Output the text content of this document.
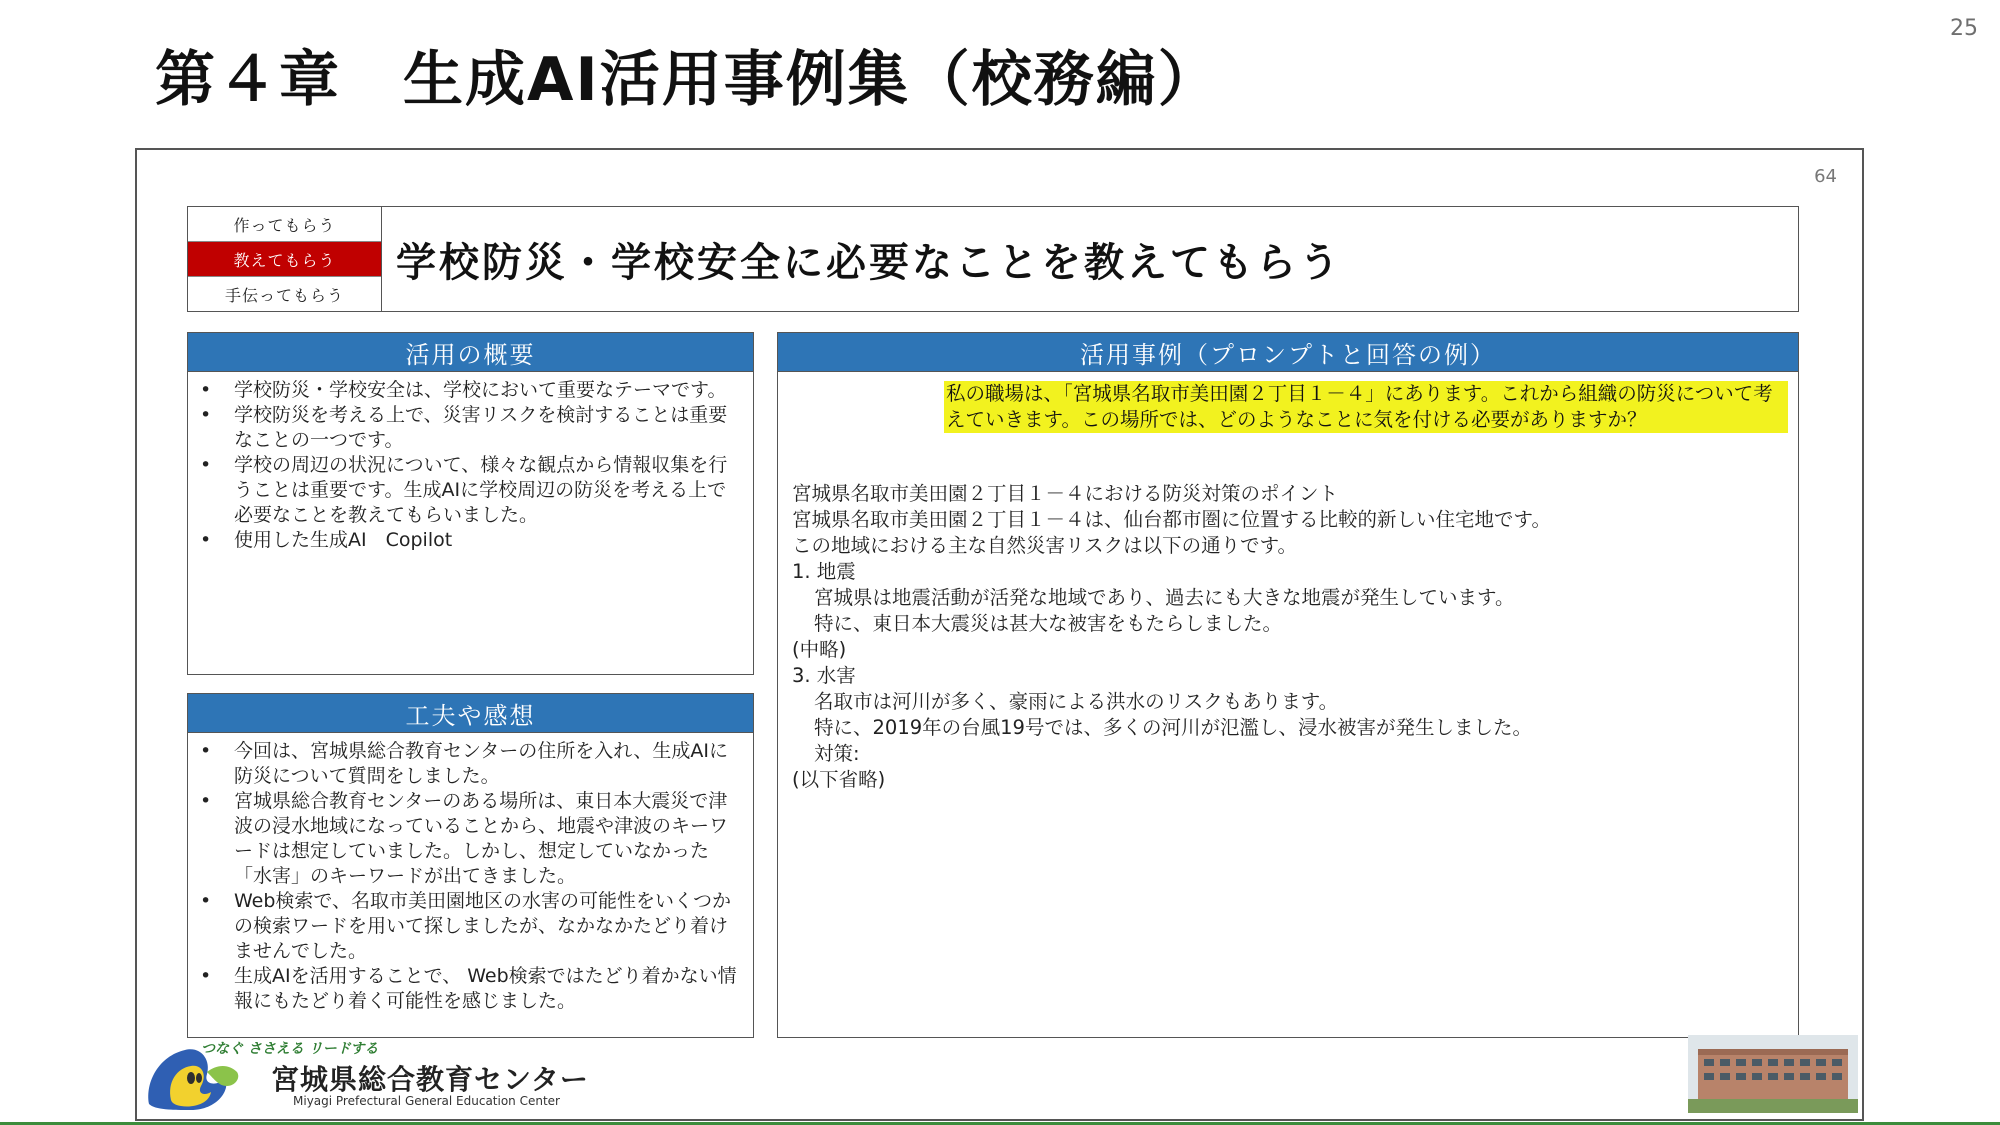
25
第４章　生成AI活用事例集（校務編）
64
作ってもらう
教えてもらう
手伝ってもらう
学校防災・学校安全に必要なことを教えてもらう
活用の概要
• 学校防災・学校安全は、学校において重要なテーマです。
• 学校防災を考える上で、災害リスクを検討することは重要なことの一つです。
• 学校の周辺の状況について、様々な観点から情報収集を行うことは重要です。生成AIに学校周辺の防災を考える上で必要なことを教えてもらいました。
• 使用した生成AI　Copilot
工夫や感想
• 今回は、宮城県総合教育センターの住所を入れ、生成AIに防災について質問をしました。
• 宮城県総合教育センターのある場所は、東日本大震災で津波の浸水地域になっていることから、地震や津波のキーワードは想定していました。しかし、想定していなかった「水害」のキーワードが出てきました。
• Web検索で、名取市美田園地区の水害の可能性をいくつかの検索ワードを用いて探しましたが、なかなかたどり着けませんでした。
• 生成AIを活用することで、 Web検索ではたどり着かない情報にもたどり着く可能性を感じました。
活用事例（プロンプトと回答の例）
私の職場は、「宮城県名取市美田園２丁目１－４」にあります。これから組織の防災について考えていきます。この場所では、どのようなことに気を付ける必要がありますか？
宮城県名取市美田園２丁目１－４における防災対策のポイント
宮城県名取市美田園２丁目１－４は、仙台都市圏に位置する比較的新しい住宅地です。
この地域における主な自然災害リスクは以下の通りです。
1. 地震
宮城県は地震活動が活発な地域であり、過去にも大きな地震が発生しています。
特に、東日本大震災は甚大な被害をもたらしました。
(中略)
3. 水害
名取市は河川が多く、豪雨による洪水のリスクもあります。
特に、2019年の台風19号では、多くの河川が氾濫し、浸水被害が発生しました。
対策:
(以下省略)
つなぐ ささえる リードする
宮城県総合教育センター
Miyagi Prefectural General Education Center
